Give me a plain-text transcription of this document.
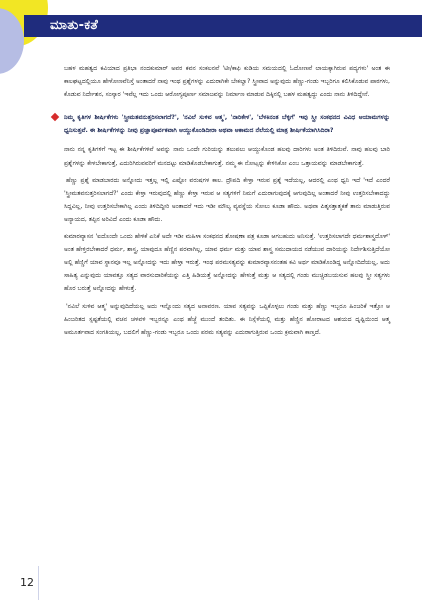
ಮಾತು-ಕತೆ

ಬಹಳ ಮಹತ್ವದ ಕವಿಯಾದ ಪ್ರತಿಭಾ ನಂದಕುಮಾರ್ ಅವರ ಕವನ ಸಂಕಲನವೆ 'ಟೀ/ಕಾಫಿ ಕುಡಿಯ ಸಮಯದಲ್ಲಿ ಓದೋಣವೆ ಲಾಯಕ್ಕಾಗಿರುವ ಪದ್ಯಗಳು' ಅಂತ ಈ ಕಾಲಘಟ್ಟದಲ್ಲಿಯೂ ಹೇಳೋಣವೆನಿಸ್ತೆ ಅಂತಾದರೆ ನಾವು ಇಂಥ ಪ್ರಶ್ನೆಗಳನ್ನು ಎದುರಾಗಿಕೇ ಬೇಕಲ್ವಾ? ಸ್ತ್ರೀವಾದ ಅನ್ನುವುದು ಹೆಣ್ಣು-ಗಂಡು ಇಬ್ಬರಿಗೂ ಕಲಿಸಿಕೊಡುವ ಪಾಠಗಳು, ಕೊಡುವ ನಿರ್ದೇಶನ, ಸಂಸ್ಕಾರ 'ಇವೆಲ್ಲ ಇದು ಒಂದು ಆರೋಗ್ಯಪೂರ್ಣ ಸಮಾಜವನ್ನು ನಿರ್ಮಾಣ ಮಾಡುವ ದಿಕ್ಕಿನಲ್ಲಿ ಬಹಳ ಮಹತ್ವದ್ದು ಎಂದು ನಾನು ತಿಳಿದಿದ್ದೇನೆ.

ನಿಮ್ಮ ಕೃತಿಗಳ ಶೀರ್ಷಿಕೆಗಳು 'ಸ್ತ್ರೀಮತವನುತ್ತರಿಸಲಾಗದೆ?', 'ನವಿಲೆ ಸುಳಿವ ಆತ್ಮ', 'ನಾರಿಕೇಳ', 'ಬೆಳಕಿನಂತ ಬೆಳ್ಳಿಗೆ' ಇವು ಸ್ತ್ರೀ ಸಂಕಥನದ ವಿವಿಧ ಆಯಾಮಗಳನ್ನು ಧ್ವನಿಸುತ್ತವೆ. ಈ ಶೀರ್ಷಿಕೆಗಳನ್ನು ನೀವು ಪ್ರಜ್ಞಾಪೂರ್ವಕವಾಗಿ ಆಯ್ದುಕೊಂಡಿದೀರಾ ಅಥವಾ ಆಕಾಮದ ನೆಲೆಯಲ್ಲಿ ಮಾತ್ರ ಶೀರ್ಷಿಕೆಯಾಗಿಸಿದಿರಾ?

ನಾನು ನನ್ನ ಕೃತಿಗಳಿಗೆ ಇಟ್ಟ ಈ ಶೀರ್ಷಿಕೆಗಳಿವೆ ಅವನ್ನು ನಾನು ಒಂದೇ ಗುರಿಯನ್ನು ತಲುಪಲು ಆಯ್ದುಕೊಂಡ ಹಲವು ದಾರಿಗಳು ಅಂತ ತಿಳಿದಿರುವೆ. ನಾವು ಹಲವು ಬಾರಿ ಪ್ರಶ್ನೆಗಳನ್ನು ಕೇಳಬೇಕಾಗುತ್ತೆ, ಎದುರಿಗಿರುವವರಿಗೆ ಮನದಟ್ಟು ಮಾಡಿಕೊಡಬೇಕಾಗುತ್ತೆ. ನಮ್ಮ ಈ ನೋಟ್ಸನ್ನು ಕೇಳಿಸಿಕೋ ಎಂಬ ಒತ್ತಾಯವನ್ನು ಮಾಡಬೇಕಾಗುತ್ತೆ.

ಹೆಣ್ಣು ಪ್ರಶ್ನೆ ಮಾಡಬಾರದು ಅನ್ನೋದು ಇತ್ತಲ್ಲ ಇಲ್ಲಿ ಎಷ್ಟೋ ವರುಷಗಳ ಕಾಲ. ದ್ರೌಪದಿ ಕೇಳ್ತಾ ಇರುವ ಪ್ರಶ್ನೆ ಇದೆಯಲ್ಲ, ಆದರಲ್ಲಿ ಎಂಥ ಧ್ವನಿ ಇದೆ 'ಇದೆ ಎಂದರೆ 'ಸ್ತ್ರೀಮತವನುತ್ತರಿಸಲಾಗದೆ?' ಎಂದು ಕೇಳ್ತಾ ಇರುವುದಲ್ಲಿ ಹೆಣ್ಣು ಕೇಳ್ತಾ ಇರುವ ಆ ಸತ್ಯಗಳಿಗೆ ನಿಮಗೆ ಎದುರಾಗುವುದಕ್ಕೆ ಆಗುವುದಿಲ್ಲ ಅಂತಾದರೆ ನೀವು ಉತ್ತರಿಸಬೇಕಾದದ್ದು ಸಿದ್ದವಿಲ್ಲ, ನೀವು ಉತ್ತರಿಸಬೇಕಾಗಿಲ್ಲ ಎಂದು ತಿಳಿದಿದ್ದೀರಿ ಅಂತಾದರೆ ಇದು ಇಡೀ ಮೌಲ್ಯ ವ್ಯವಸ್ಥೆಯ ಸೋಲು ಕೂಡಾ ಹೌದು. ಅಥವಾ ಪಿತೃಸತ್ತಾತ್ಮಕತೆ ತಾನು ಮಾಡುತ್ತಿರುವ ಅನ್ಯಾಯದ, ತಪ್ಪಿನ ಅರಿವಿದೆ ಎಂದು ಕೂಡಾ ಹೌದು.

ಕುಮಾರವ್ಯಾಸನ 'ಐದೊಂದೇ ಒಂದು ಹೇಳಿಕೆ ಎನಿಕೆ ಅದೇ ಇಡೀ ಮಹಿಳಾ ಸಂಕಥನದ ಶೋಷಣಾ ಪತ್ರ ಕೂಡಾ ಆಗಬಹುದು ಅನಿಸುತ್ತೆ. 'ಉತ್ತರಿಸಲಾಗದೇ ಧರ್ಮಶಾಸ್ತ್ರದೊಳ್' ಅಂತ ಹೇಳ್ತಿರಬೇಕಾದರೆ ಧರ್ಮ, ಶಾಸ್ತ್ರ, ಯಾವುದೂ ಹೆಣ್ಣಿನ ಪರವಾಗಿಲ್ಲ, ಯಾವ ಧರ್ಮ ಮತ್ತು ಯಾವ ಶಾಸ್ತ್ರ ಸಮುದಾಯದ ನಡೆಯುವ ದಾರಿಯನ್ನು ನಿರ್ದೇಶಿಸುತ್ತಿದೆಯೋ ಅಲ್ಲಿ ಹೆಣ್ಣಿಗೆ ಯಾವ ಸ್ಥಾನವೂ ಇಲ್ಲ ಅನ್ನೋದನ್ನು ಇದು ಹೇಳ್ತಾ ಇರುತ್ತೆ. ಇಂಥ ಪರಮಸತ್ಯವನ್ನು ಕುಮಾರವ್ಯಾಸನಂತಹ ಕವಿ ಅರ್ಥ ಮಾಡಿಕೊಂಡಿದ್ದ ಅನ್ನೋದಿದೆಯಲ್ಲ, ಅದು ಸಾಹಿತ್ಯ ಎನ್ನುವುದು ಯಾವತ್ತೂ ಸತ್ಯದ ವಾರಸುದಾರಿಕೆಯನ್ನು ಎತ್ತಿ ಹಿಡಿಯತ್ತೆ ಅನ್ನೋದನ್ನು ಹೇಳುತ್ತೆ ಮತ್ತು ಆ ಸತ್ಯದಲ್ಲಿ ಗಂಡು ಮುಚ್ಚಿಡಬಯಸುವ ಹಲವು ಸ್ತ್ರೀ ಸತ್ಯಗಳು ಹೊರ ಬರುತ್ತೆ ಅನ್ನೋದನ್ನು ಹೇಳುತ್ತೆ.

'ನವಿಲೆ ಸುಳಿವ ಆತ್ಮ' ಅನ್ನುವುದಿದೆಯಲ್ಲ ಅದು ಇನ್ನೊಂದು ಸತ್ಯದ ಅನಾವರಣ. ಯಾವ ಸತ್ಯವನ್ನು ಒಪ್ಪಿಕೊಳ್ಳಲು ಗಂಡು ಮತ್ತು ಹೆಣ್ಣು ಇಬ್ಬರೂ ಹಿಂಜರಿಕೆ ಇತ್ತೋ ಆ ಹಿಂಜರಿತದ ಸ್ಪಷ್ಟತೆಯಲ್ಲಿ ವಚನ ಚಳವಳಿ ಇಬ್ಬರನ್ನೂ ಎಂಥ ಹೆಜ್ಜೆ ಮುಂದೆ ತಂದಿತು. ಈ ನಿಸ್ಸೆಳೆಯಲ್ಲಿ ಮತ್ತು ಹೆಣ್ಣಿನ ಹೋರಾಟದ ಆಶಯದ ದೃಷ್ಟಿಯಿಂದ ಆತ್ಮ ಅಮೂರ್ತವಾದ ಸಂಗತಿಯಲ್ಲ, ಬದಲಿಗೆ ಹೆಣ್ಣು-ಗಂಡು ಇಬ್ಬರೂ ಒಂದು ಪರಮ ಸತ್ಯವನ್ನು ಎದುರಾಗುತ್ತಿರುವ ಒಂದು ಕ್ರಮವಾಗಿ ಕಾಣ್ತದೆ.

12
